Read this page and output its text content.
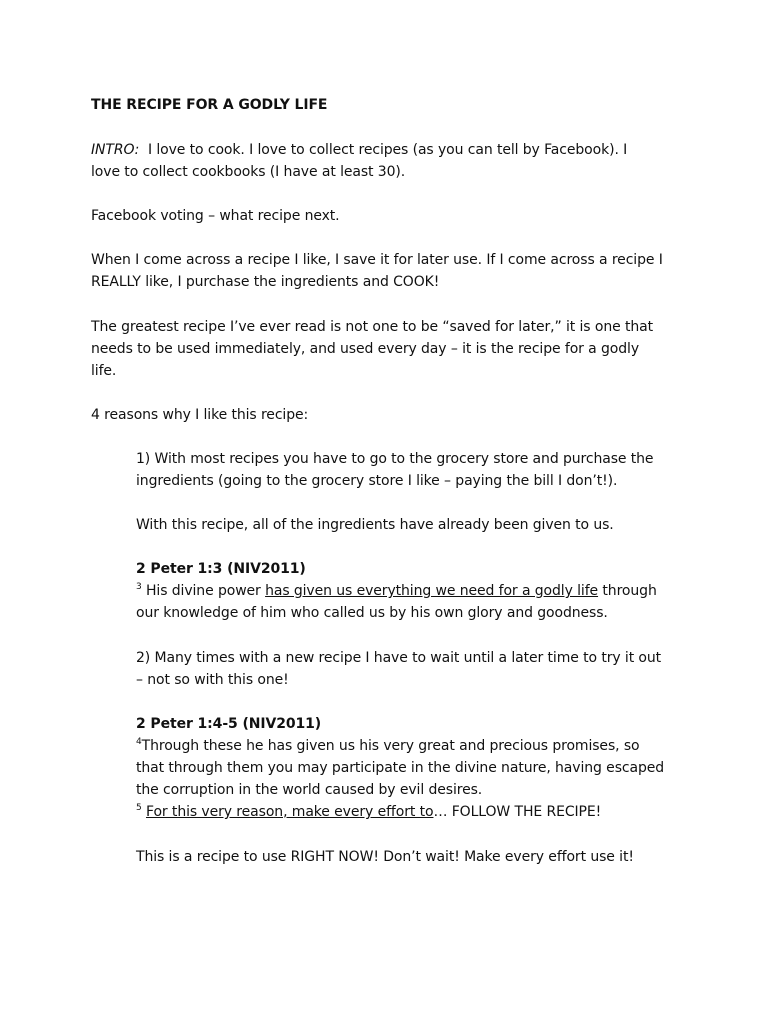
THE RECIPE FOR A GODLY LIFE
INTRO: I love to cook. I love to collect recipes (as you can tell by Facebook). I
love to collect cookbooks (I have at least 30).
Facebook voting – what recipe next.
When I come across a recipe I like, I save it for later use. If I come across a recipe I
REALLY like, I purchase the ingredients and COOK!
The greatest recipe I’ve ever read is not one to be “saved for later,” it is one that
needs to be used immediately, and used every day – it is the recipe for a godly
life.
4 reasons why I like this recipe:
1) With most recipes you have to go to the grocery store and purchase the
ingredients (going to the grocery store I like – paying the bill I don’t!).
With this recipe, all of the ingredients have already been given to us.
2 Peter 1:3 (NIV2011)
$^3$ His divine power has given us everything we need for a godly life through
our knowledge of him who called us by his own glory and goodness.
2) Many times with a new recipe I have to wait until a later time to try it out
– not so with this one!
2 Peter 1:4-5 (NIV2011)
$^4$Through these he has given us his very great and precious promises, so
that through them you may participate in the divine nature, having escaped
the corruption in the world caused by evil desires.
$^5$ For this very reason, make every effort to… FOLLOW THE RECIPE!
This is a recipe to use RIGHT NOW! Don’t wait! Make every effort use it!
